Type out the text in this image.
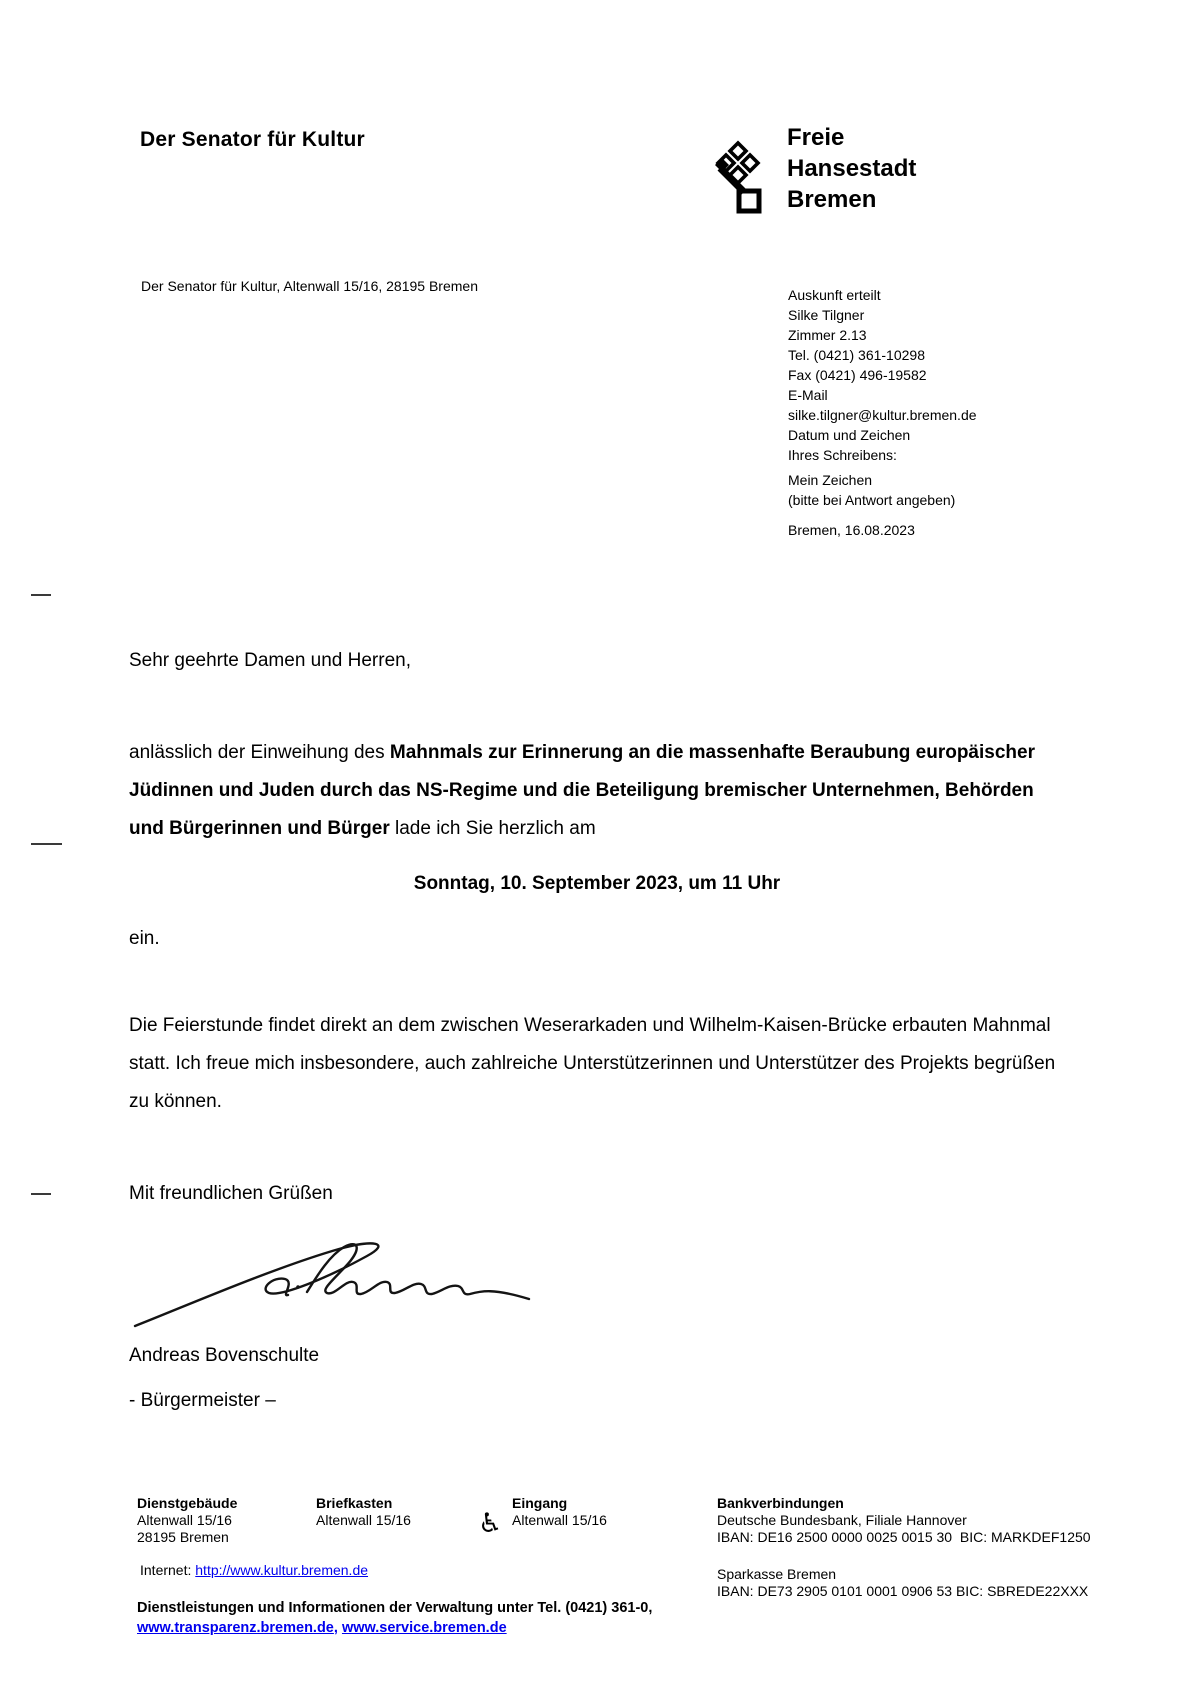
Der Senator für Kultur	Freie
Hansestadt
Bremen
Der Senator für Kultur, Altenwall 15/16, 28195 Bremen
Auskunft erteilt
Silke Tilgner
Zimmer 2.13
Tel. (0421) 361-10298
Fax (0421) 496-19582
E-Mail
silke.tilgner@kultur.bremen.de
Datum und Zeichen
Ihres Schreibens:
Mein Zeichen
(bitte bei Antwort angeben)
Bremen, 16.08.2023
Sehr geehrte Damen und Herren,
anlässlich der Einweihung des Mahnmals zur Erinnerung an die massenhafte Beraubung europäischer Jüdinnen und Juden durch das NS-Regime und die Beteiligung bremischer Unternehmen, Behörden und Bürgerinnen und Bürger lade ich Sie herzlich am
Sonntag, 10. September 2023, um 11 Uhr
ein.
Die Feierstunde findet direkt an dem zwischen Weserarkaden und Wilhelm-Kaisen-Brücke erbauten Mahnmal statt. Ich freue mich insbesondere, auch zahlreiche Unterstützerinnen und Unterstützer des Projekts begrüßen zu können.
Mit freundlichen Grüßen
Andreas Bovenschulte
- Bürgermeister –
Dienstgebäude
Altenwall 15/16
28195 Bremen
Briefkasten
Altenwall 15/16 ♿
Eingang
Altenwall 15/16
Bankverbindungen
Deutsche Bundesbank, Filiale Hannover
IBAN: DE16 2500 0000 0025 0015 30  BIC: MARKDEF1250
Sparkasse Bremen
IBAN: DE73 2905 0101 0001 0906 53 BIC: SBREDE22XXX
Internet: http://www.kultur.bremen.de
Dienstleistungen und Informationen der Verwaltung unter Tel. (0421) 361-0,
www.transparenz.bremen.de, www.service.bremen.de
